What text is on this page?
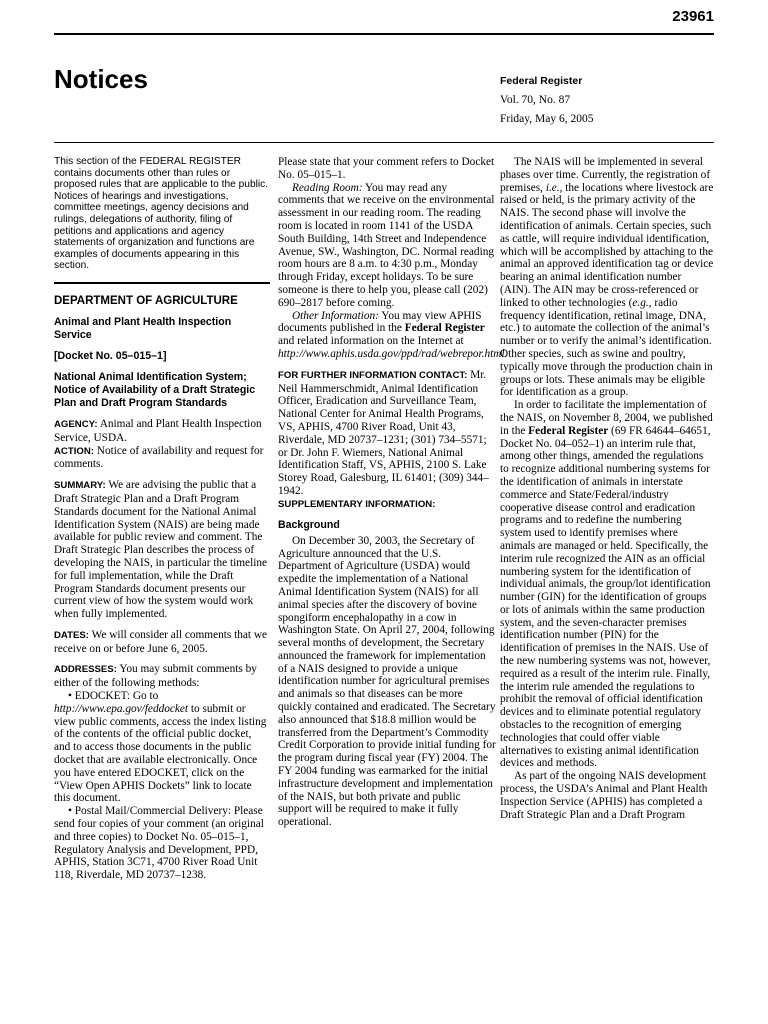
23961
Notices	Federal Register
Vol. 70, No. 87
Friday, May 6, 2005

This section of the FEDERAL REGISTER contains documents other than rules or proposed rules that are applicable to the public. Notices of hearings and investigations, committee meetings, agency decisions and rulings, delegations of authority, filing of petitions and applications and agency statements of organization and functions are examples of documents appearing in this section.

DEPARTMENT OF AGRICULTURE
Animal and Plant Health Inspection Service
[Docket No. 05–015–1]
National Animal Identification System; Notice of Availability of a Draft Strategic Plan and Draft Program Standards

AGENCY: Animal and Plant Health Inspection Service, USDA.

ACTION: Notice of availability and request for comments.

SUMMARY: We are advising the public that a Draft Strategic Plan and a Draft Program Standards document for the National Animal Identification System (NAIS) are being made available for public review and comment. The Draft Strategic Plan describes the process of developing the NAIS, in particular the timeline for full implementation, while the Draft Program Standards document presents our current view of how the system would work when fully implemented.

DATES: We will consider all comments that we receive on or before June 6, 2005.

ADDRESSES: You may submit comments by either of the following methods:

• EDOCKET: Go to http://www.epa.gov/feddocket to submit or view public comments, access the index listing of the contents of the official public docket, and to access those documents in the public docket that are available electronically. Once you have entered EDOCKET, click on the “View Open APHIS Dockets” link to locate this document.

• Postal Mail/Commercial Delivery: Please send four copies of your comment (an original and three copies) to Docket No. 05–015–1, Regulatory Analysis and Development, PPD, APHIS, Station 3C71, 4700 River Road Unit 118, Riverdale, MD 20737–1238.

Please state that your comment refers to Docket No. 05–015–1.

Reading Room: You may read any comments that we receive on the environmental assessment in our reading room. The reading room is located in room 1141 of the USDA South Building, 14th Street and Independence Avenue, SW., Washington, DC. Normal reading room hours are 8 a.m. to 4:30 p.m., Monday through Friday, except holidays. To be sure someone is there to help you, please call (202) 690–2817 before coming.

Other Information: You may view APHIS documents published in the Federal Register and related information on the Internet at http://www.aphis.usda.gov/ppd/rad/webrepor.html.

FOR FURTHER INFORMATION CONTACT: Mr. Neil Hammerschmidt, Animal Identification Officer, Eradication and Surveillance Team, National Center for Animal Health Programs, VS, APHIS, 4700 River Road, Unit 43, Riverdale, MD 20737–1231; (301) 734–5571; or Dr. John F. Wiemers, National Animal Identification Staff, VS, APHIS, 2100 S. Lake Storey Road, Galesburg, IL 61401; (309) 344–1942.

SUPPLEMENTARY INFORMATION:
Background

On December 30, 2003, the Secretary of Agriculture announced that the U.S. Department of Agriculture (USDA) would expedite the implementation of a National Animal Identification System (NAIS) for all animal species after the discovery of bovine spongiform encephalopathy in a cow in Washington State. On April 27, 2004, following several months of development, the Secretary announced the framework for implementation of a NAIS designed to provide a unique identification number for agricultural premises and animals so that diseases can be more quickly contained and eradicated. The Secretary also announced that $18.8 million would be transferred from the Department’s Commodity Credit Corporation to provide initial funding for the program during fiscal year (FY) 2004. The FY 2004 funding was earmarked for the initial infrastructure development and implementation of the NAIS, but both private and public support will be required to make it fully operational.

The NAIS will be implemented in several phases over time. Currently, the registration of premises, i.e., the locations where livestock are raised or held, is the primary activity of the NAIS. The second phase will involve the identification of animals. Certain species, such as cattle, will require individual identification, which will be accomplished by attaching to the animal an approved identification tag or device bearing an animal identification number (AIN). The AIN may be cross-referenced or linked to other technologies (e.g., radio frequency identification, retinal image, DNA, etc.) to automate the collection of the animal’s number or to verify the animal’s identification. Other species, such as swine and poultry, typically move through the production chain in groups or lots. These animals may be eligible for identification as a group.

In order to facilitate the implementation of the NAIS, on November 8, 2004, we published in the Federal Register (69 FR 64644–64651, Docket No. 04–052–1) an interim rule that, among other things, amended the regulations to recognize additional numbering systems for the identification of animals in interstate commerce and State/Federal/industry cooperative disease control and eradication programs and to redefine the numbering system used to identify premises where animals are managed or held. Specifically, the interim rule recognized the AIN as an official numbering system for the identification of individual animals, the group/lot identification number (GIN) for the identification of groups or lots of animals within the same production system, and the seven-character premises identification number (PIN) for the identification of premises in the NAIS. Use of the new numbering systems was not, however, required as a result of the interim rule. Finally, the interim rule amended the regulations to prohibit the removal of official identification devices and to eliminate potential regulatory obstacles to the recognition of emerging technologies that could offer viable alternatives to existing animal identification devices and methods.

As part of the ongoing NAIS development process, the USDA’s Animal and Plant Health Inspection Service (APHIS) has completed a Draft Strategic Plan and a Draft Program
